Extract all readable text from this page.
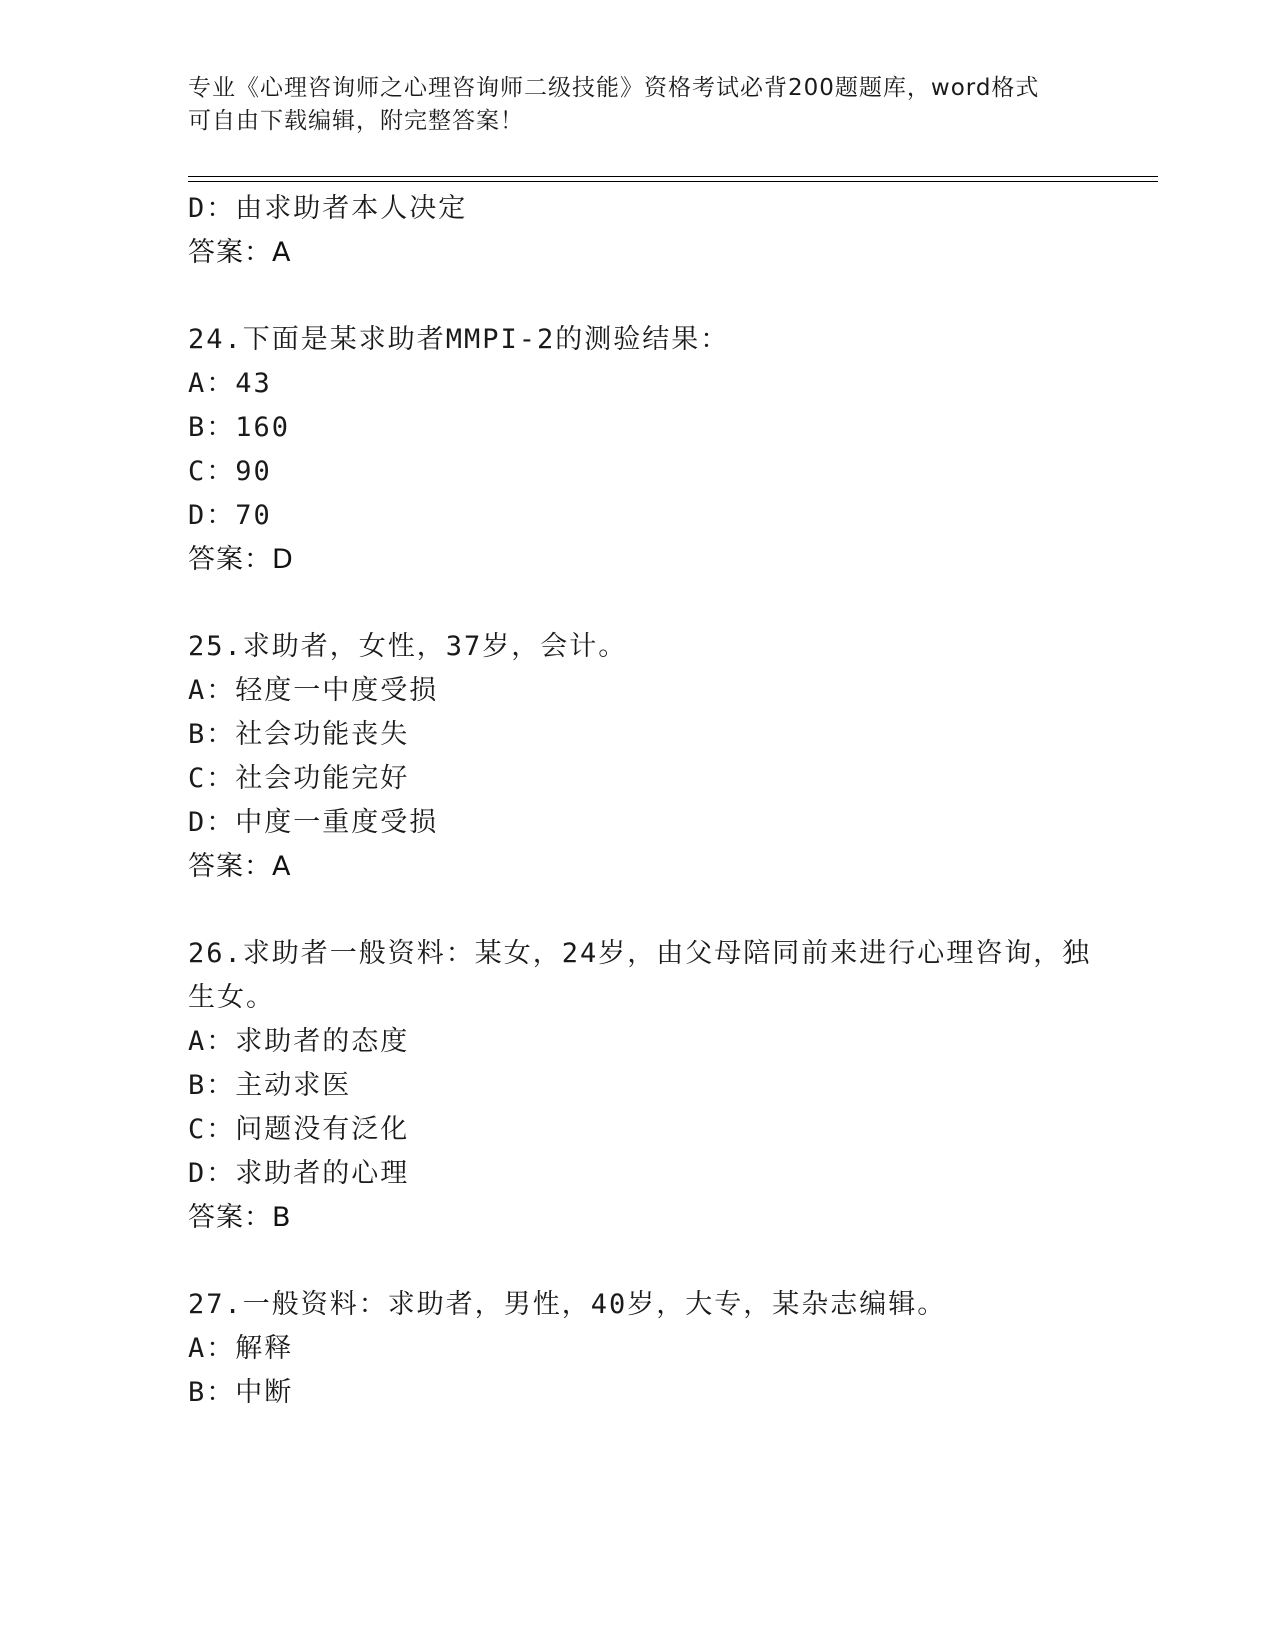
专业《心理咨询师之心理咨询师二级技能》资格考试必背200题题库，word格式
可自由下载编辑，附完整答案！
D：由求助者本人决定
答案：A
24.下面是某求助者MMPI-2的测验结果：
A：43
B：160
C：90
D：70
答案：D
25.求助者，女性，37岁，会计。
A：轻度一中度受损
B：社会功能丧失
C：社会功能完好
D：中度一重度受损
答案：A
26.求助者一般资料：某女，24岁，由父母陪同前来进行心理咨询，独
生女。
A：求助者的态度
B：主动求医
C：问题没有泛化
D：求助者的心理
答案：B
27.一般资料：求助者，男性，40岁，大专，某杂志编辑。
A：解释
B：中断
